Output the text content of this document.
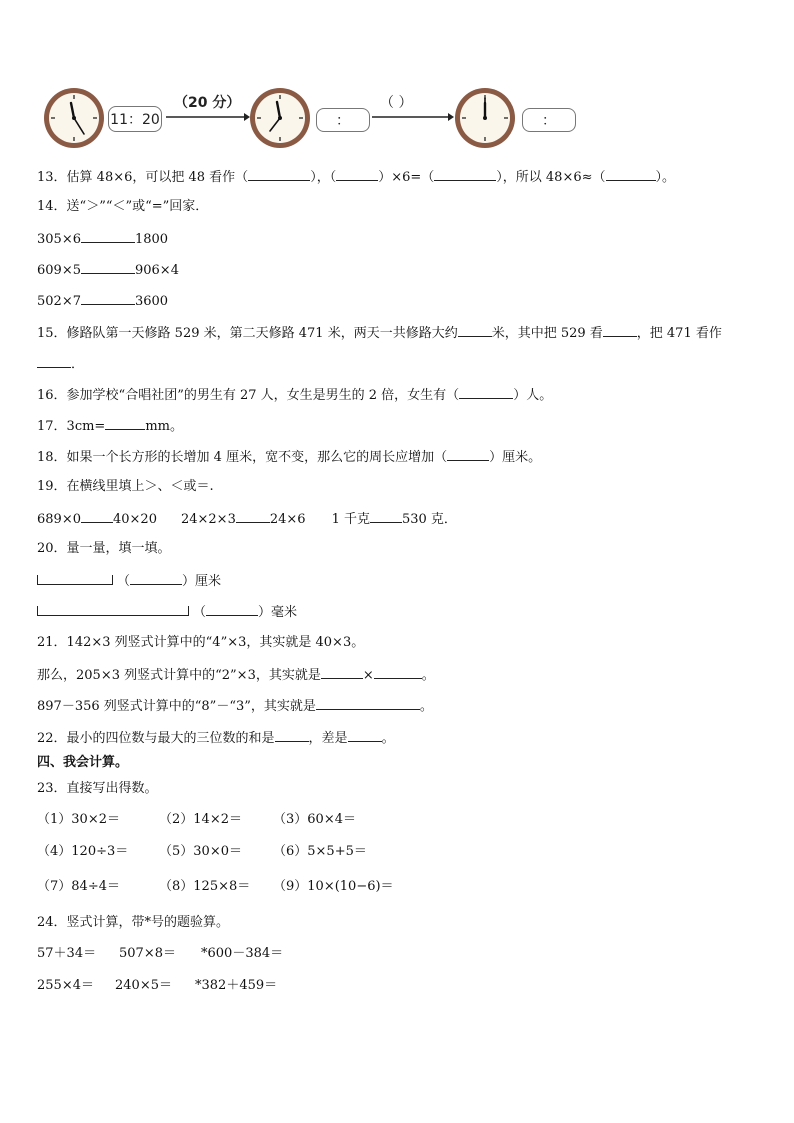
11：20
（20 分）
：
（ ）
：
13．估算 48×6，可以把 48 看作（	），（	）×6=（	），所以 48×6≈（	）。
14．送“＞”“＜”或“=”回家．
305×6	1800
609×5	906×4
502×7	3600
15．修路队第一天修路 529 米，第二天修路 471 米，两天一共修路大约	米，其中把 529 看	，把 471 看作
．
16．参加学校“合唱社团”的男生有 27 人，女生是男生的 2 倍，女生有（	）人。
17．3cm=	mm。
18．如果一个长方形的长增加 4 厘米，宽不变，那么它的周长应增加（	）厘米。
19．在横线里填上＞、＜或＝.
689×0 40×20 24×2×3	24×6 1 千克 530 克．
20．量一量，填一填。
（	）厘米
（	）毫米
21．142×3 列竖式计算中的“4”×3，其实就是 40×3。
那么，205×3 列竖式计算中的“2”×3，其实就是	×	。
897－356 列竖式计算中的“8”－“3”，其实就是	。
22．最小的四位数与最大的三位数的和是	，差是	。
四、我会计算。
23．直接写出得数。
（1）30×2＝	（2）14×2＝ （3）60×4＝
（4）120÷3＝ （5）30×0＝ （6）5×5+5＝
（7）84÷4＝	（8）125×8＝ （9）10×(10−6)＝
24．竖式计算，带*号的题验算。
57＋34＝ 507×8＝ *600－384＝
255×4＝ 240×5＝ *382＋459＝
